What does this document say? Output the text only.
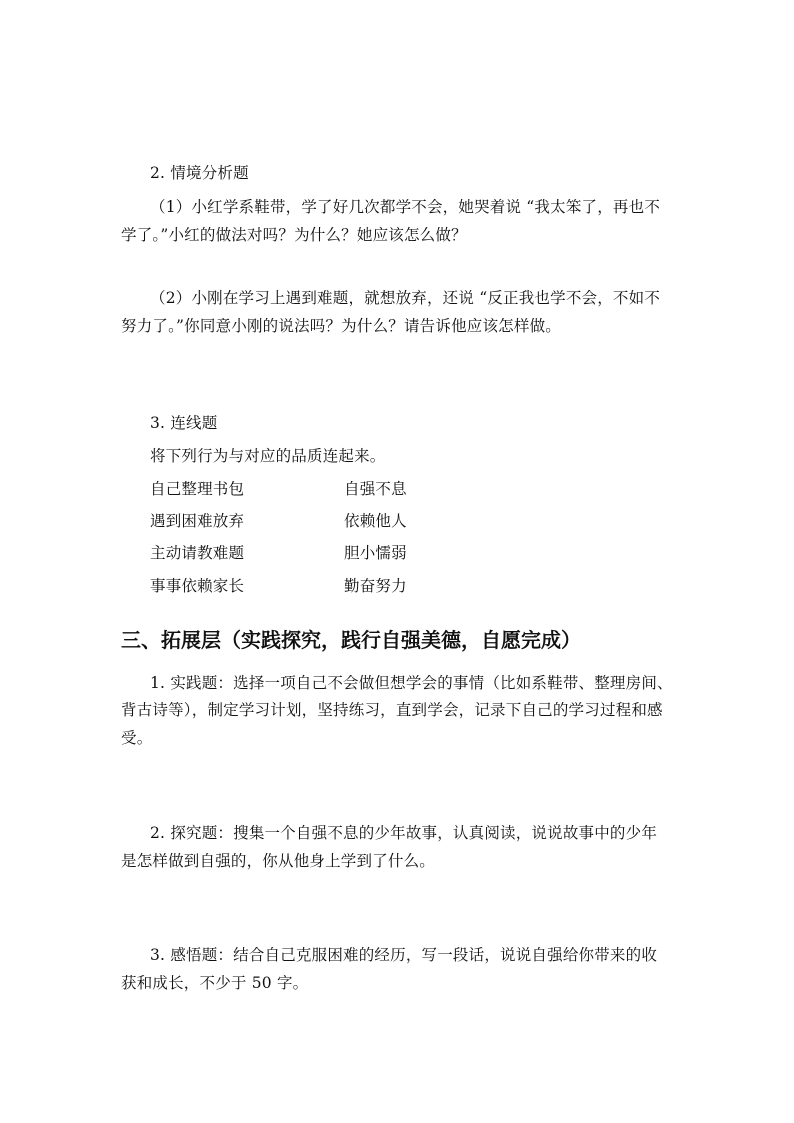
2. 情境分析题
（1）小红学系鞋带，学了好几次都学不会，她哭着说 “我太笨了，再也不
学了。”小红的做法对吗？为什么？她应该怎么做？
（2）小刚在学习上遇到难题，就想放弃，还说 “反正我也学不会，不如不
努力了。”你同意小刚的说法吗？为什么？请告诉他应该怎样做。
3. 连线题
将下列行为与对应的品质连起来。
自己整理书包	自强不息
遇到困难放弃	依赖他人
主动请教难题	胆小懦弱
事事依赖家长	勤奋努力
三、拓展层（实践探究，践行自强美德，自愿完成）
1. 实践题：选择一项自己不会做但想学会的事情（比如系鞋带、整理房间、
背古诗等），制定学习计划，坚持练习，直到学会，记录下自己的学习过程和感
受。
2. 探究题：搜集一个自强不息的少年故事，认真阅读，说说故事中的少年
是怎样做到自强的，你从他身上学到了什么。
3. 感悟题：结合自己克服困难的经历，写一段话，说说自强给你带来的收
获和成长，不少于 50 字。
